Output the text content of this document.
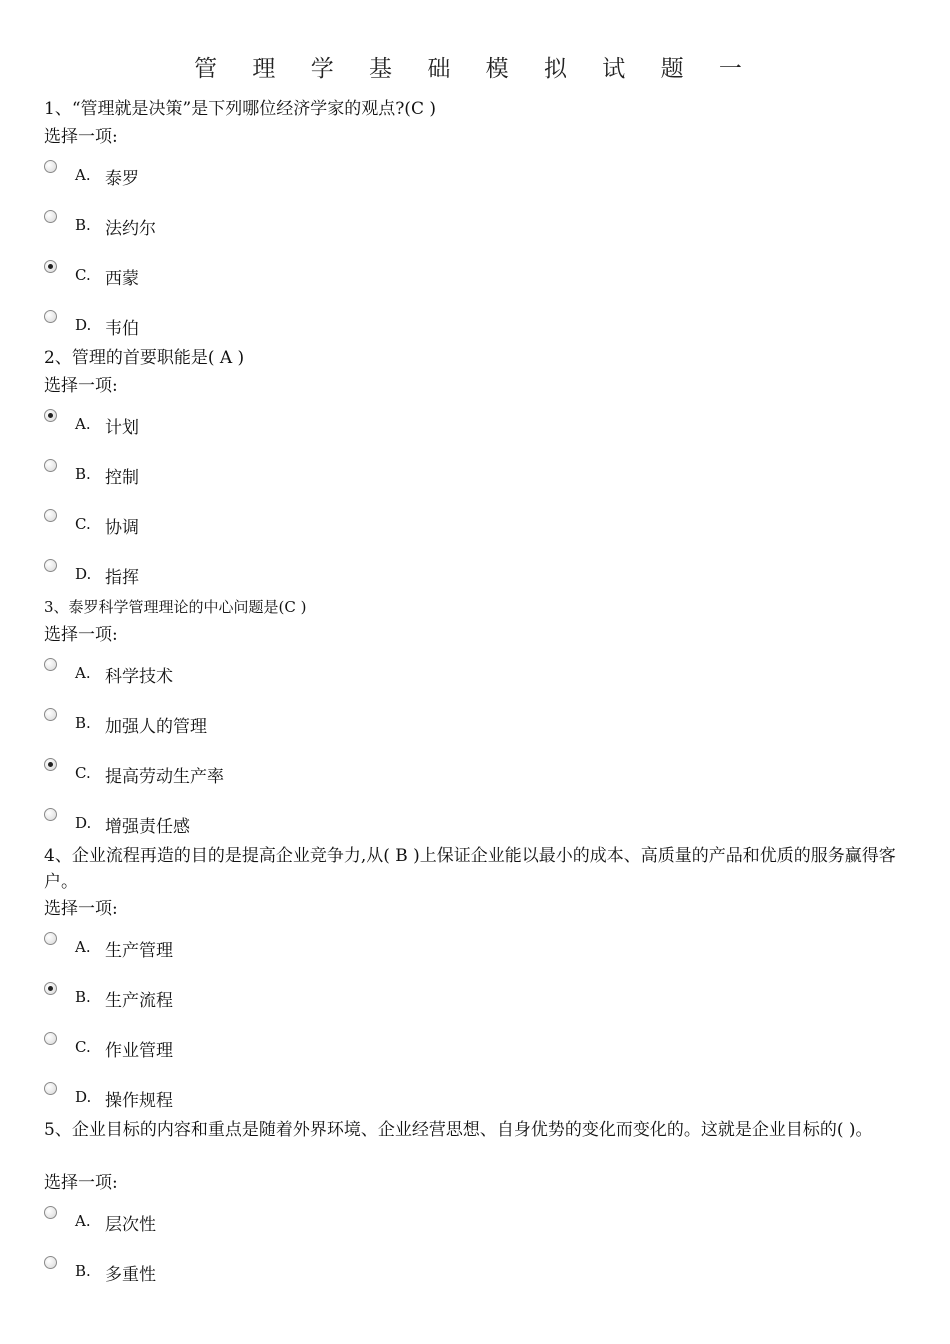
管 理 学 基 础 模 拟 试 题 一
1、“管理就是决策”是下列哪位经济学家的观点?(C )
选择一项:
A. 泰罗
B. 法约尔
C. 西蒙
D. 韦伯
2、管理的首要职能是( A )
选择一项:
A. 计划
B. 控制
C. 协调
D. 指挥
3、泰罗科学管理理论的中心问题是(C )
选择一项:
A. 科学技术
B. 加强人的管理
C. 提高劳动生产率
D. 增强责任感
4、企业流程再造的目的是提高企业竞争力,从( B )上保证企业能以最小的成本、高质量的产品和优质的服务赢得客户。
选择一项:
A. 生产管理
B. 生产流程
C. 作业管理
D. 操作规程
5、企业目标的内容和重点是随着外界环境、企业经营思想、自身优势的变化而变化的。这就是企业目标的( )。
选择一项:
A. 层次性
B. 多重性
